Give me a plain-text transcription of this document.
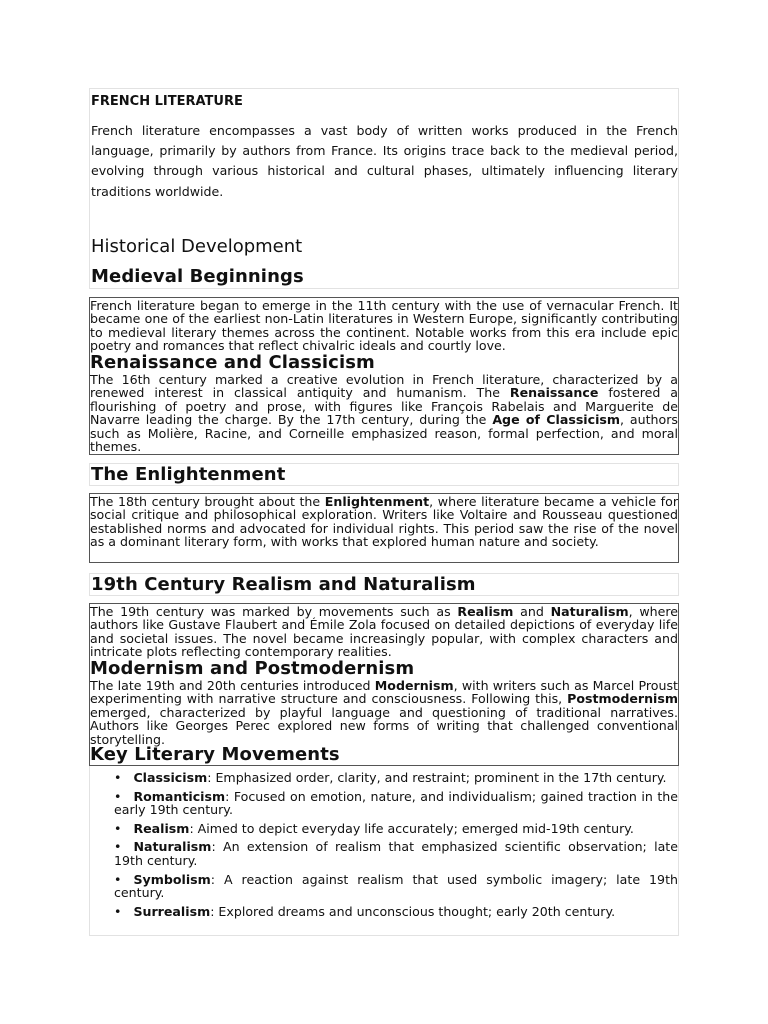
FRENCH LITERATURE

French literature encompasses a vast body of written works produced in the French language, primarily by authors from France. Its origins trace back to the medieval period, evolving through various historical and cultural phases, ultimately influencing literary traditions worldwide.

Historical Development
Medieval Beginnings

French literature began to emerge in the 11th century with the use of vernacular French. It became one of the earliest non-Latin literatures in Western Europe, significantly contributing to medieval literary themes across the continent. Notable works from this era include epic poetry and romances that reflect chivalric ideals and courtly love.

Renaissance and Classicism

The 16th century marked a creative evolution in French literature, characterized by a renewed interest in classical antiquity and humanism. The Renaissance fostered a flourishing of poetry and prose, with figures like François Rabelais and Marguerite de Navarre leading the charge. By the 17th century, during the Age of Classicism, authors such as Molière, Racine, and Corneille emphasized reason, formal perfection, and moral themes.

The Enlightenment

The 18th century brought about the Enlightenment, where literature became a vehicle for social critique and philosophical exploration. Writers like Voltaire and Rousseau questioned established norms and advocated for individual rights. This period saw the rise of the novel as a dominant literary form, with works that explored human nature and society.

19th Century Realism and Naturalism

The 19th century was marked by movements such as Realism and Naturalism, where authors like Gustave Flaubert and Émile Zola focused on detailed depictions of everyday life and societal issues. The novel became increasingly popular, with complex characters and intricate plots reflecting contemporary realities.

Modernism and Postmodernism

The late 19th and 20th centuries introduced Modernism, with writers such as Marcel Proust experimenting with narrative structure and consciousness. Following this, Postmodernism emerged, characterized by playful language and questioning of traditional narratives. Authors like Georges Perec explored new forms of writing that challenged conventional storytelling.

Key Literary Movements
• Classicism: Emphasized order, clarity, and restraint; prominent in the 17th century.
• Romanticism: Focused on emotion, nature, and individualism; gained traction in the early 19th century.
• Realism: Aimed to depict everyday life accurately; emerged mid-19th century.
• Naturalism: An extension of realism that emphasized scientific observation; late 19th century.
• Symbolism: A reaction against realism that used symbolic imagery; late 19th century.
• Surrealism: Explored dreams and unconscious thought; early 20th century.
